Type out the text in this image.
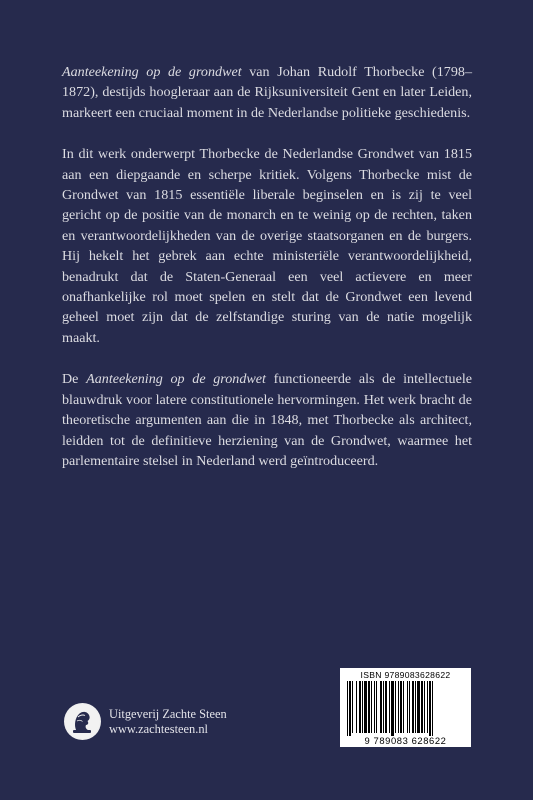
Aanteekening op de grondwet van Johan Rudolf Thorbecke (1798–1872), destijds hoogleraar aan de Rijksuniversiteit Gent en later Leiden, markeert een cruciaal moment in de Nederlandse politieke geschiedenis.

In dit werk onderwerpt Thorbecke de Nederlandse Grondwet van 1815 aan een diepgaande en scherpe kritiek. Volgens Thorbecke mist de Grondwet van 1815 essentiële liberale beginselen en is zij te veel gericht op de positie van de monarch en te weinig op de rechten, taken en verantwoordelijkheden van de overige staatsorganen en de burgers. Hij hekelt het gebrek aan echte ministeriële verantwoordelijkheid, benadrukt dat de Staten-Generaal een veel actievere en meer onafhankelijke rol moet spelen en stelt dat de Grondwet een levend geheel moet zijn dat de zelfstandige sturing van de natie mogelijk maakt.

De Aanteekening op de grondwet functioneerde als de intellectuele blauwdruk voor latere constitutionele hervormingen. Het werk bracht de theoretische argumenten aan die in 1848, met Thorbecke als architect, leidden tot de definitieve herziening van de Grondwet, waarmee het parlementaire stelsel in Nederland werd geïntroduceerd.

Uitgeverij Zachte Steen
www.zachtesteen.nl
ISBN 9789083628622
9 789083 628622
